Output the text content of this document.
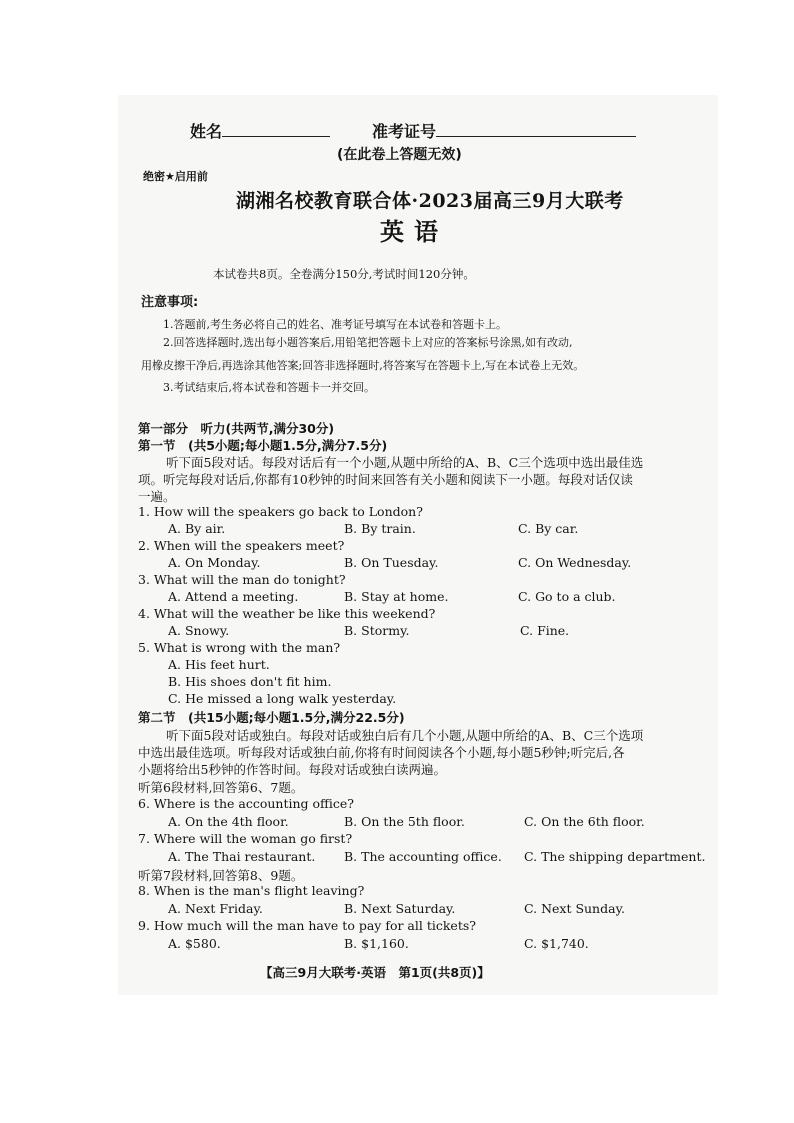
姓名	准考证号
(在此卷上答题无效)
绝密★启用前
湖湘名校教育联合体·2023届高三9月大联考
英语
本试卷共8页。全卷满分150分,考试时间120分钟。
注意事项:
1.答题前,考生务必将自己的姓名、准考证号填写在本试卷和答题卡上。
2.回答选择题时,选出每小题答案后,用铅笔把答题卡上对应的答案标号涂黑,如有改动,
用橡皮擦干净后,再选涂其他答案;回答非选择题时,将答案写在答题卡上,写在本试卷上无效。
3.考试结束后,将本试卷和答题卡一并交回。
第一部分　听力(共两节,满分30分)
第一节　(共5小题;每小题1.5分,满分7.5分)
听下面5段对话。每段对话后有一个小题,从题中所给的A、B、C三个选项中选出最佳选
项。听完每段对话后,你都有10秒钟的时间来回答有关小题和阅读下一小题。每段对话仅读
一遍。
1. How will the speakers go back to London?
A. By air.	B. By train.	C. By car.
2. When will the speakers meet?
A. On Monday.	B. On Tuesday.	C. On Wednesday.
3. What will the man do tonight?
A. Attend a meeting.	B. Stay at home.	C. Go to a club.
4. What will the weather be like this weekend?
A. Snowy.	B. Stormy.	C. Fine.
5. What is wrong with the man?
A. His feet hurt.
B. His shoes don't fit him.
C. He missed a long walk yesterday.
第二节　(共15小题;每小题1.5分,满分22.5分)
听下面5段对话或独白。每段对话或独白后有几个小题,从题中所给的A、B、C三个选项
中选出最佳选项。听每段对话或独白前,你将有时间阅读各个小题,每小题5秒钟;听完后,各
小题将给出5秒钟的作答时间。每段对话或独白读两遍。
听第6段材料,回答第6、7题。
6. Where is the accounting office?
A. On the 4th floor.	B. On the 5th floor.	C. On the 6th floor.
7. Where will the woman go first?
A. The Thai restaurant. B. The accounting office. C. The shipping department.
听第7段材料,回答第8、9题。
8. When is the man's flight leaving?
A. Next Friday.	B. Next Saturday.	C. Next Sunday.
9. How much will the man have to pay for all tickets?
A. $580.	B. $1,160.	C. $1,740.
【高三9月大联考·英语　第1页(共8页)】
